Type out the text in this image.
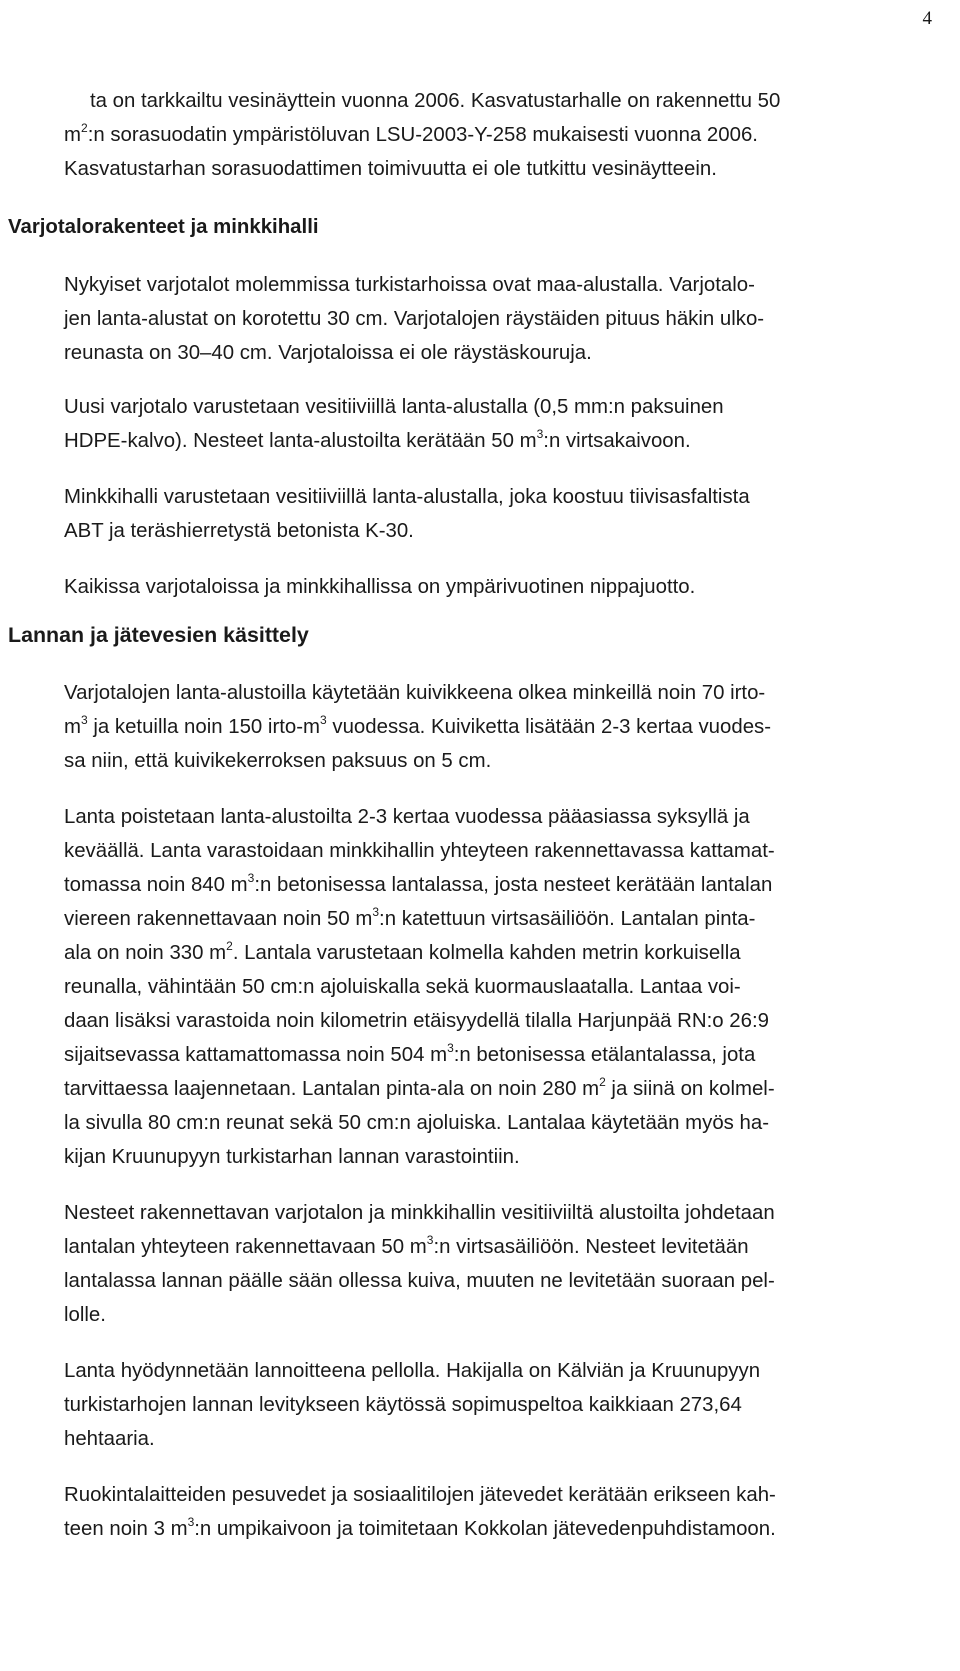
4
ta on tarkkailtu vesinäyttein vuonna 2006. Kasvatustarhalle on rakennettu 50
$m^2:n$ sorasuodatin ympäristöluvan LSU-2003-Y-258 mukaisesti vuonna 2006.
Kasvatustarhan sorasuodattimen toimivuutta ei ole tutkittu vesinäytteein.
Varjotalorakenteet ja minkkihalli
Nykyiset varjotalot molemmissa turkistarhoissa ovat maa-alustalla. Varjotalo-
jen lanta-alustat on korotettu 30 cm. Varjotalojen räystäiden pituus häkin ulko-
reunasta on 30–40 cm. Varjotaloissa ei ole räystäskouruja.
Uusi varjotalo varustetaan vesitiiviillä lanta-alustalla (0,5 mm:n paksuinen
HDPE-kalvo). Nesteet lanta-alustoilta kerätään 50 $m^3:n$ virtsakaivoon.
Minkkihalli varustetaan vesitiiviillä lanta-alustalla, joka koostuu tiivisasfaltista
ABT ja teräshierretystä betonista K-30.
Kaikissa varjotaloissa ja minkkihallissa on ympärivuotinen nippajuotto.
Lannan ja jätevesien käsittely
Varjotalojen lanta-alustoilla käytetään kuivikkeena olkea minkeillä noin 70 irto-
$m^3$ ja ketuilla noin 150 irto-$m^3$ vuodessa. Kuiviketta lisätään 2-3 kertaa vuodes-
sa niin, että kuivikekerroksen paksuus on 5 cm.
Lanta poistetaan lanta-alustoilta 2-3 kertaa vuodessa pääasiassa syksyllä ja
keväällä. Lanta varastoidaan minkkihallin yhteyteen rakennettavassa kattamat-
tomassa noin 840 $m^3:n$ betonisessa lantalassa, josta nesteet kerätään lantalan
viereen rakennettavaan noin 50 $m^3:n$ katettuun virtsasäiliöön. Lantalan pinta-
ala on noin 330 $m^2$. Lantala varustetaan kolmella kahden metrin korkuisella
reunalla, vähintään 50 cm:n ajoluiskalla sekä kuormauslaatalla. Lantaa voi-
daan lisäksi varastoida noin kilometrin etäisyydellä tilalla Harjunpää RN:o 26:9
sijaitsevassa kattamattomassa noin 504 $m^3:n$ betonisessa etälantalassa, jota
tarvittaessa laajennetaan. Lantalan pinta-ala on noin 280 $m^2$ ja siinä on kolmel-
la sivulla 80 cm:n reunat sekä 50 cm:n ajoluiska. Lantalaa käytetään myös ha-
kijan Kruunupyyn turkistarhan lannan varastointiin.
Nesteet rakennettavan varjotalon ja minkkihallin vesitiiviiltä alustoilta johdetaan
lantalan yhteyteen rakennettavaan 50 $m^3:n$ virtsasäiliöön. Nesteet levitetään
lantalassa lannan päälle sään ollessa kuiva, muuten ne levitetään suoraan pel-
lolle.
Lanta hyödynnetään lannoitteena pellolla. Hakijalla on Kälviän ja Kruunupyyn
turkistarhojen lannan levitykseen käytössä sopimuspeltoa kaikkiaan 273,64
hehtaaria.
Ruokintalaitteiden pesuvedet ja sosiaalitilojen jätevedet kerätään erikseen kah-
teen noin 3 $m^3:n$ umpikaivoon ja toimitetaan Kokkolan jätevedenpuhdistamoon.
